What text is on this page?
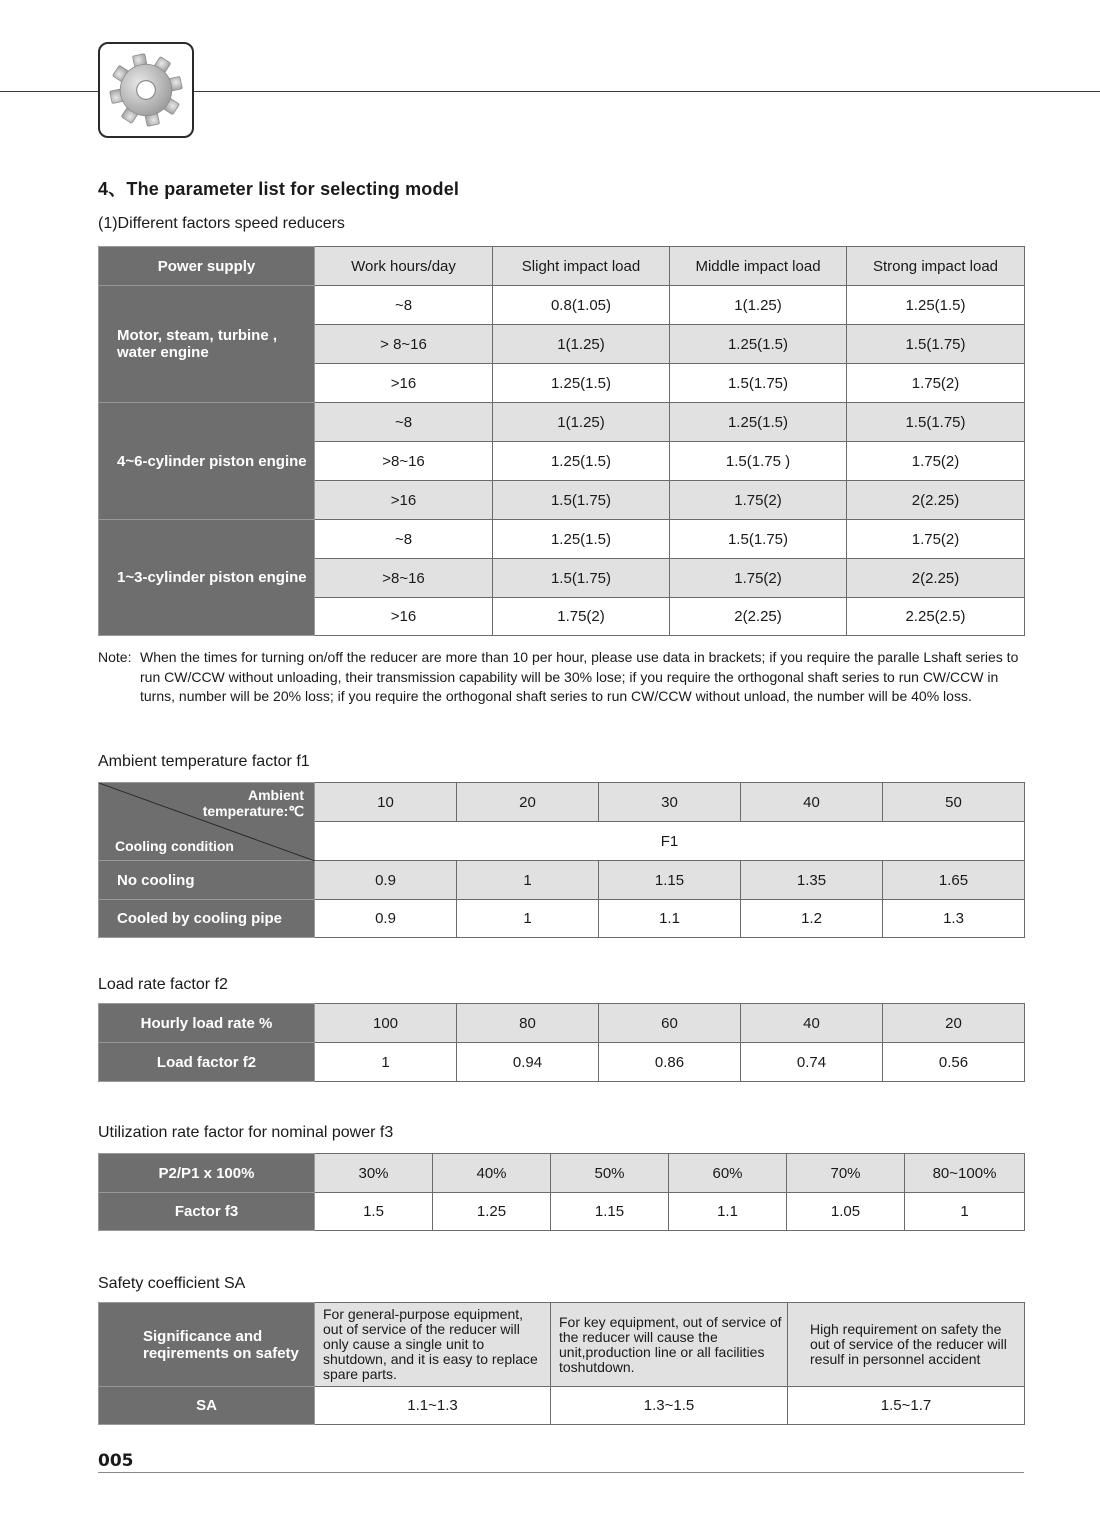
4、The parameter list for selecting model
(1)Different factors speed reducers
Power supply	Work hours/day	Slight impact load	Middle impact load	Strong impact load
Motor, steam, turbine , water engine	~8	0.8(1.05)	1(1.25)	1.25(1.5)
	> 8~16	1(1.25)	1.25(1.5)	1.5(1.75)
	>16	1.25(1.5)	1.5(1.75)	1.75(2)
4~6-cylinder piston engine	~8	1(1.25)	1.25(1.5)	1.5(1.75)
	>8~16	1.25(1.5)	1.5(1.75 )	1.75(2)
	>16	1.5(1.75)	1.75(2)	2(2.25)
1~3-cylinder piston engine	~8	1.25(1.5)	1.5(1.75)	1.75(2)
	>8~16	1.5(1.75)	1.75(2)	2(2.25)
	>16	1.75(2)	2(2.25)	2.25(2.5)
Note: When the times for turning on/off the reducer are more than 10 per hour, please use data in brackets; if you require the paralle Lshaft series to run CW/CCW without unloading, their transmission capability will be 30% lose; if you require the orthogonal shaft series to run CW/CCW in turns, number will be 20% loss; if you require the orthogonal shaft series to run CW/CCW without unload, the number will be 40% loss.
Ambient temperature factor f1
Ambient temperature:℃
Cooling condition	10	20	30	40	50
	F1				
No cooling	0.9	1	1.15	1.35	1.65
Cooled by cooling pipe	0.9	1	1.1	1.2	1.3
Load rate factor f2
Hourly load rate %	100	80	60	40	20
Load factor f2	1	0.94	0.86	0.74	0.56
Utilization rate factor for nominal power f3
P2/P1 x 100%	30%	40%	50%	60%	70%	80~100%
Factor f3	1.5	1.25	1.15	1.1	1.05	1
Safety coefficient SA
Significance and reqirements on safety	For general-purpose equipment, out of service of the reducer will only cause a single unit to shutdown, and it is easy to replace spare parts.	For key equipment, out of service of the reducer will cause the unit,production line or all facilities toshutdown.	High requirement on safety the out of service of the reducer will resulf in personnel accident
SA	1.1~1.3	1.3~1.5	1.5~1.7
005
